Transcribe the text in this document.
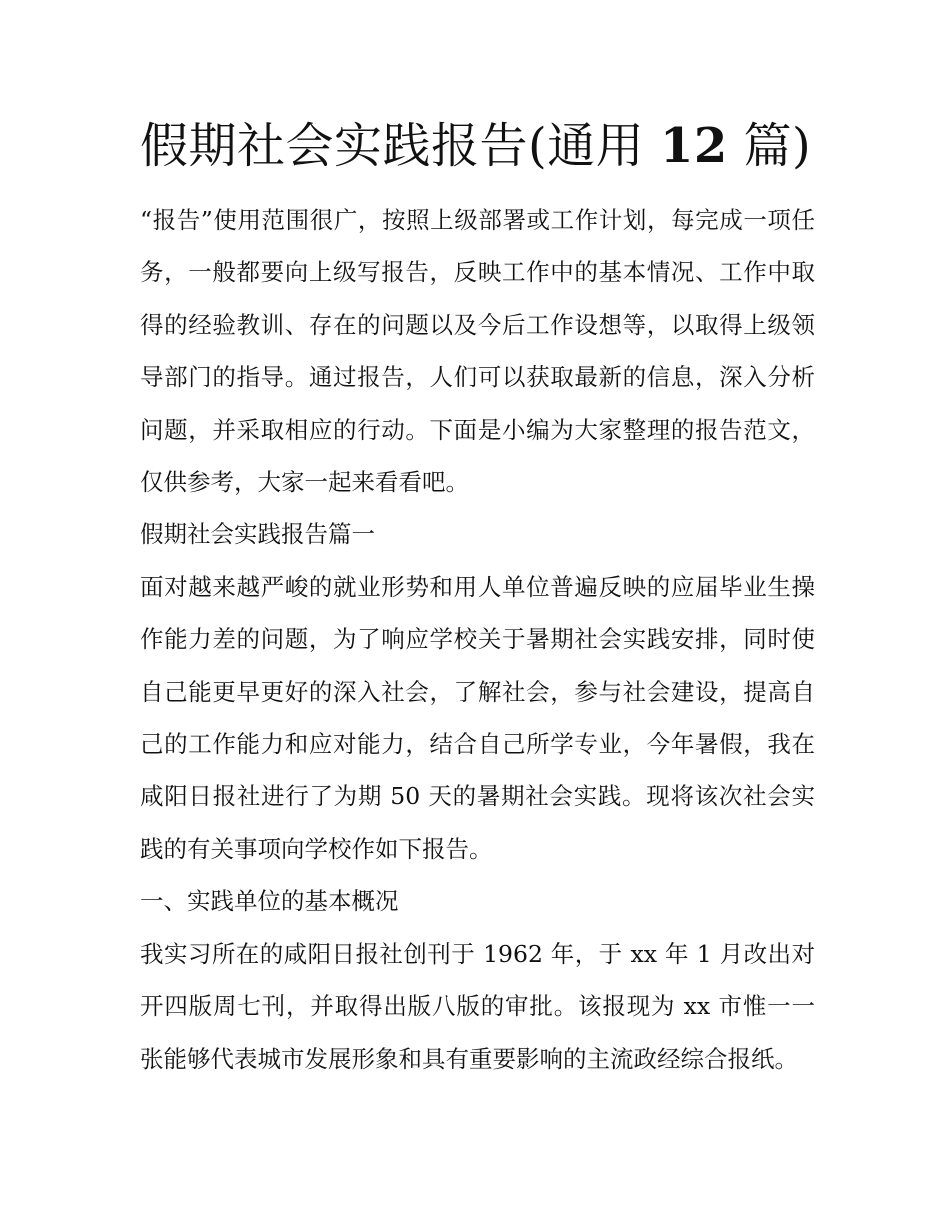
假期社会实践报告(通用 12 篇)

“报告”使用范围很广，按照上级部署或工作计划，每完成一项任务，一般都要向上级写报告，反映工作中的基本情况、工作中取得的经验教训、存在的问题以及今后工作设想等，以取得上级领导部门的指导。通过报告，人们可以获取最新的信息，深入分析问题，并采取相应的行动。下面是小编为大家整理的报告范文，仅供参考，大家一起来看看吧。

假期社会实践报告篇一

面对越来越严峻的就业形势和用人单位普遍反映的应届毕业生操作能力差的问题，为了响应学校关于暑期社会实践安排，同时使自己能更早更好的深入社会，了解社会，参与社会建设，提高自己的工作能力和应对能力，结合自己所学专业，今年暑假，我在咸阳日报社进行了为期 50 天的暑期社会实践。现将该次社会实践的有关事项向学校作如下报告。

一、实践单位的基本概况

我实习所在的咸阳日报社创刊于 1962 年，于 xx 年 1 月改出对开四版周七刊，并取得出版八版的审批。该报现为 xx 市惟一一张能够代表城市发展形象和具有重要影响的主流政经综合报纸。
